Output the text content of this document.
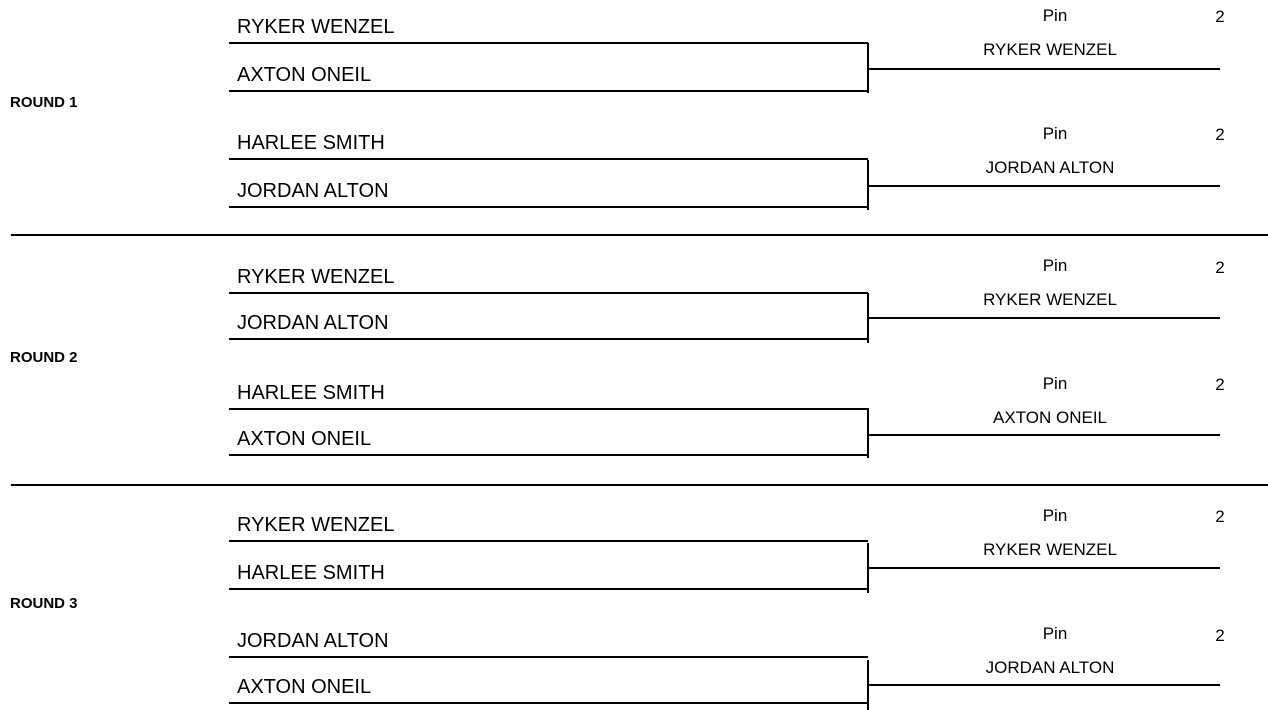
ROUND 1
RYKER WENZEL
AXTON ONEIL
Pin
RYKER WENZEL
2
HARLEE SMITH
JORDAN ALTON
Pin
JORDAN ALTON
2
ROUND 2
RYKER WENZEL
JORDAN ALTON
Pin
RYKER WENZEL
2
HARLEE SMITH
AXTON ONEIL
Pin
AXTON ONEIL
2
ROUND 3
RYKER WENZEL
HARLEE SMITH
Pin
RYKER WENZEL
2
JORDAN ALTON
AXTON ONEIL
Pin
JORDAN ALTON
2
